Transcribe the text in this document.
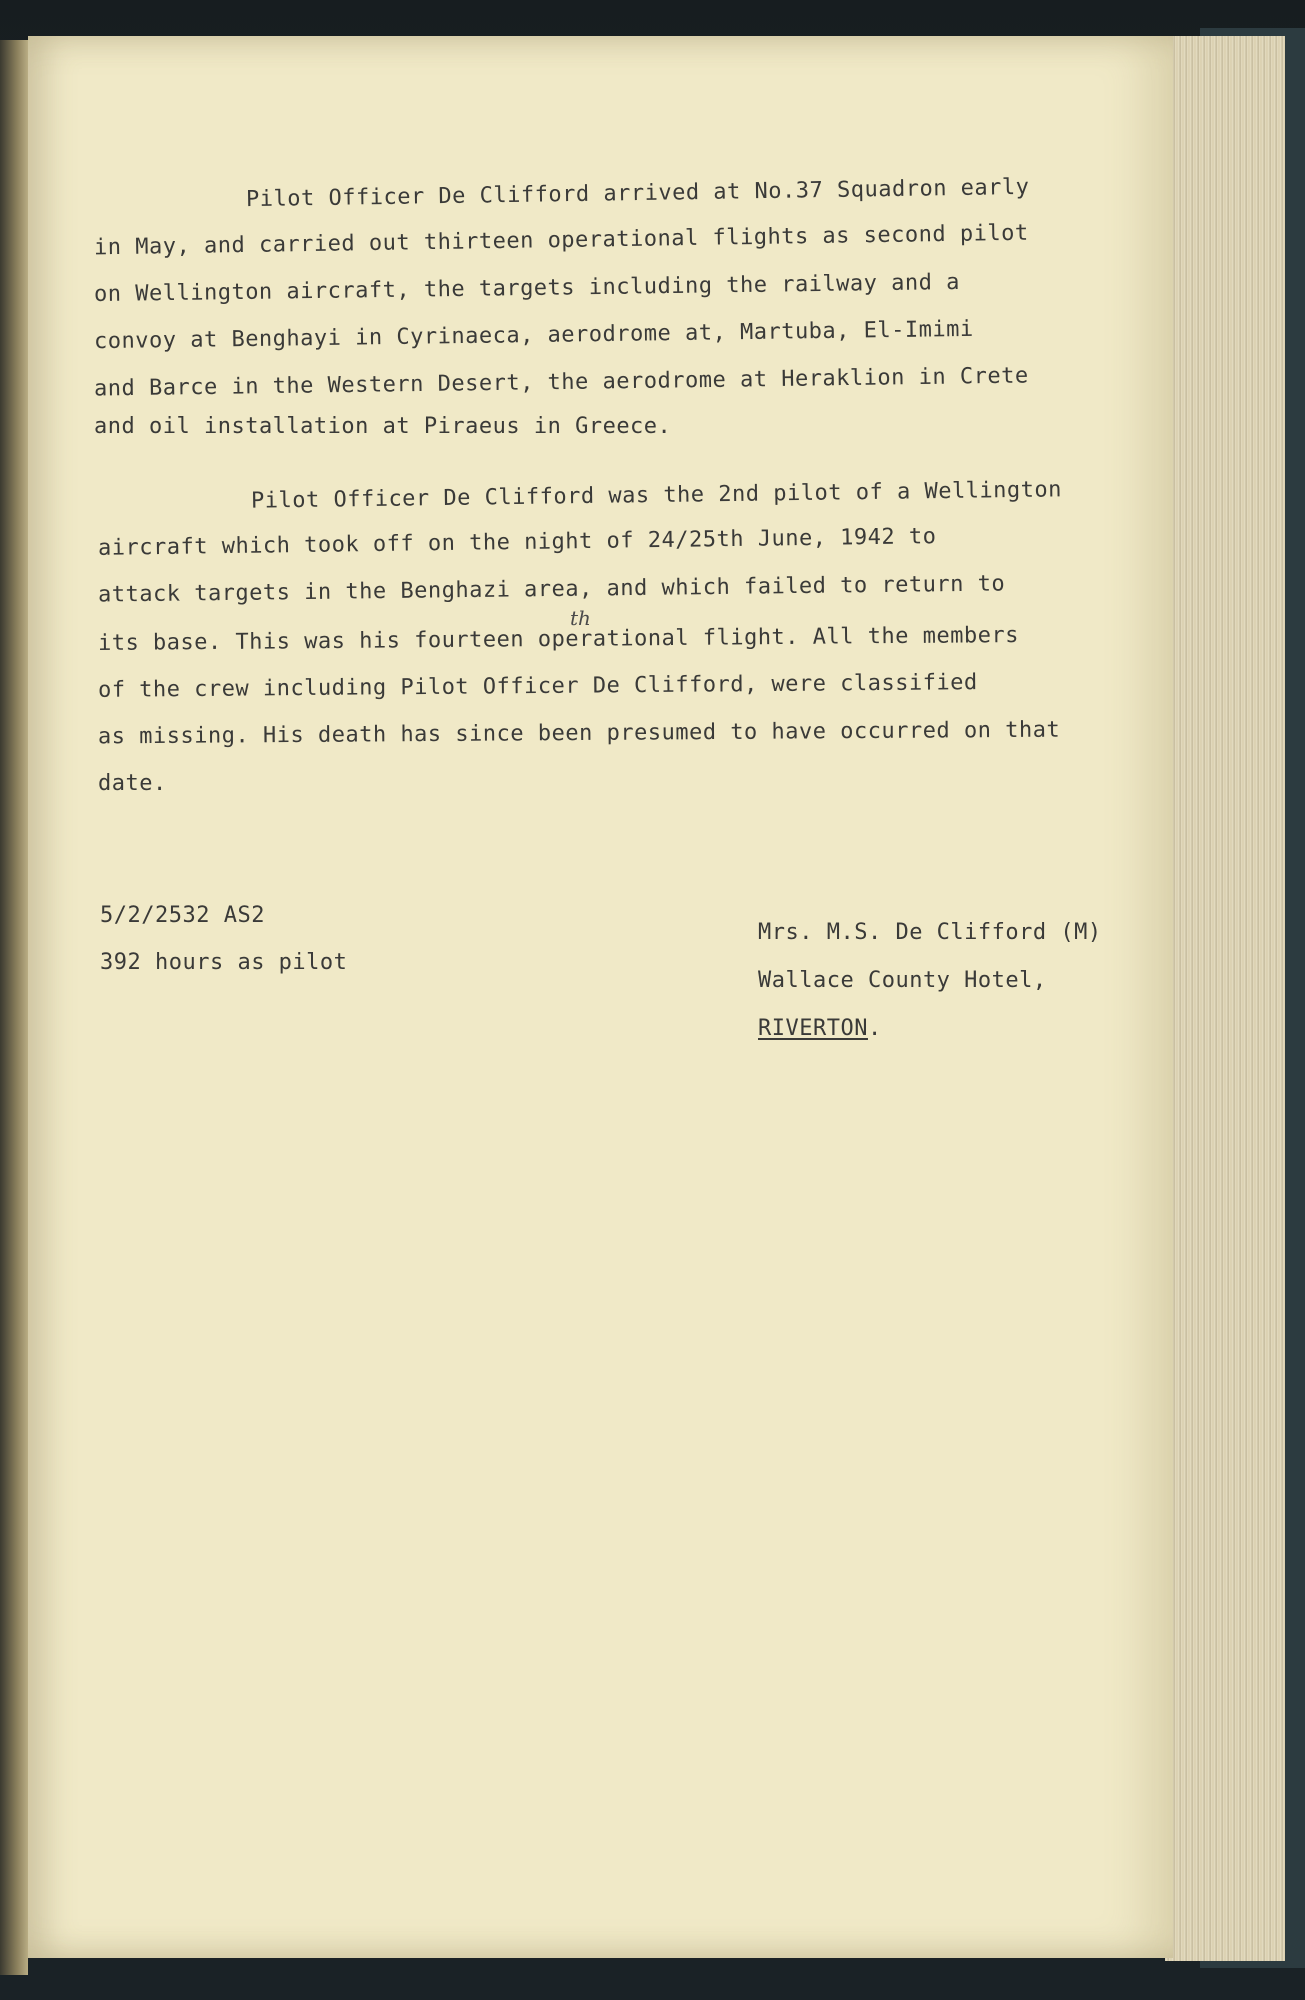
Pilot Officer De Clifford arrived at No.37 Squadron early
in May, and carried out thirteen operational flights as second pilot
on Wellington aircraft, the targets including the railway and a
convoy at Benghayi in Cyrinaeca, aerodrome at, Martuba, El-Imimi
and Barce in the Western Desert, the aerodrome at Heraklion in Crete
and oil installation at Piraeus in Greece.
Pilot Officer De Clifford was the 2nd pilot of a Wellington
aircraft which took off on the night of 24/25th June, 1942 to
attack targets in the Benghazi area, and which failed to return to
th
its base. This was his fourteen operational flight. All the members
of the crew including Pilot Officer De Clifford, were classified
as missing. His death has since been presumed to have occurred on that
date.
5/2/2532 AS2
392 hours as pilot
Mrs. M.S. De Clifford (M)
Wallace County Hotel,
RIVERTON.
